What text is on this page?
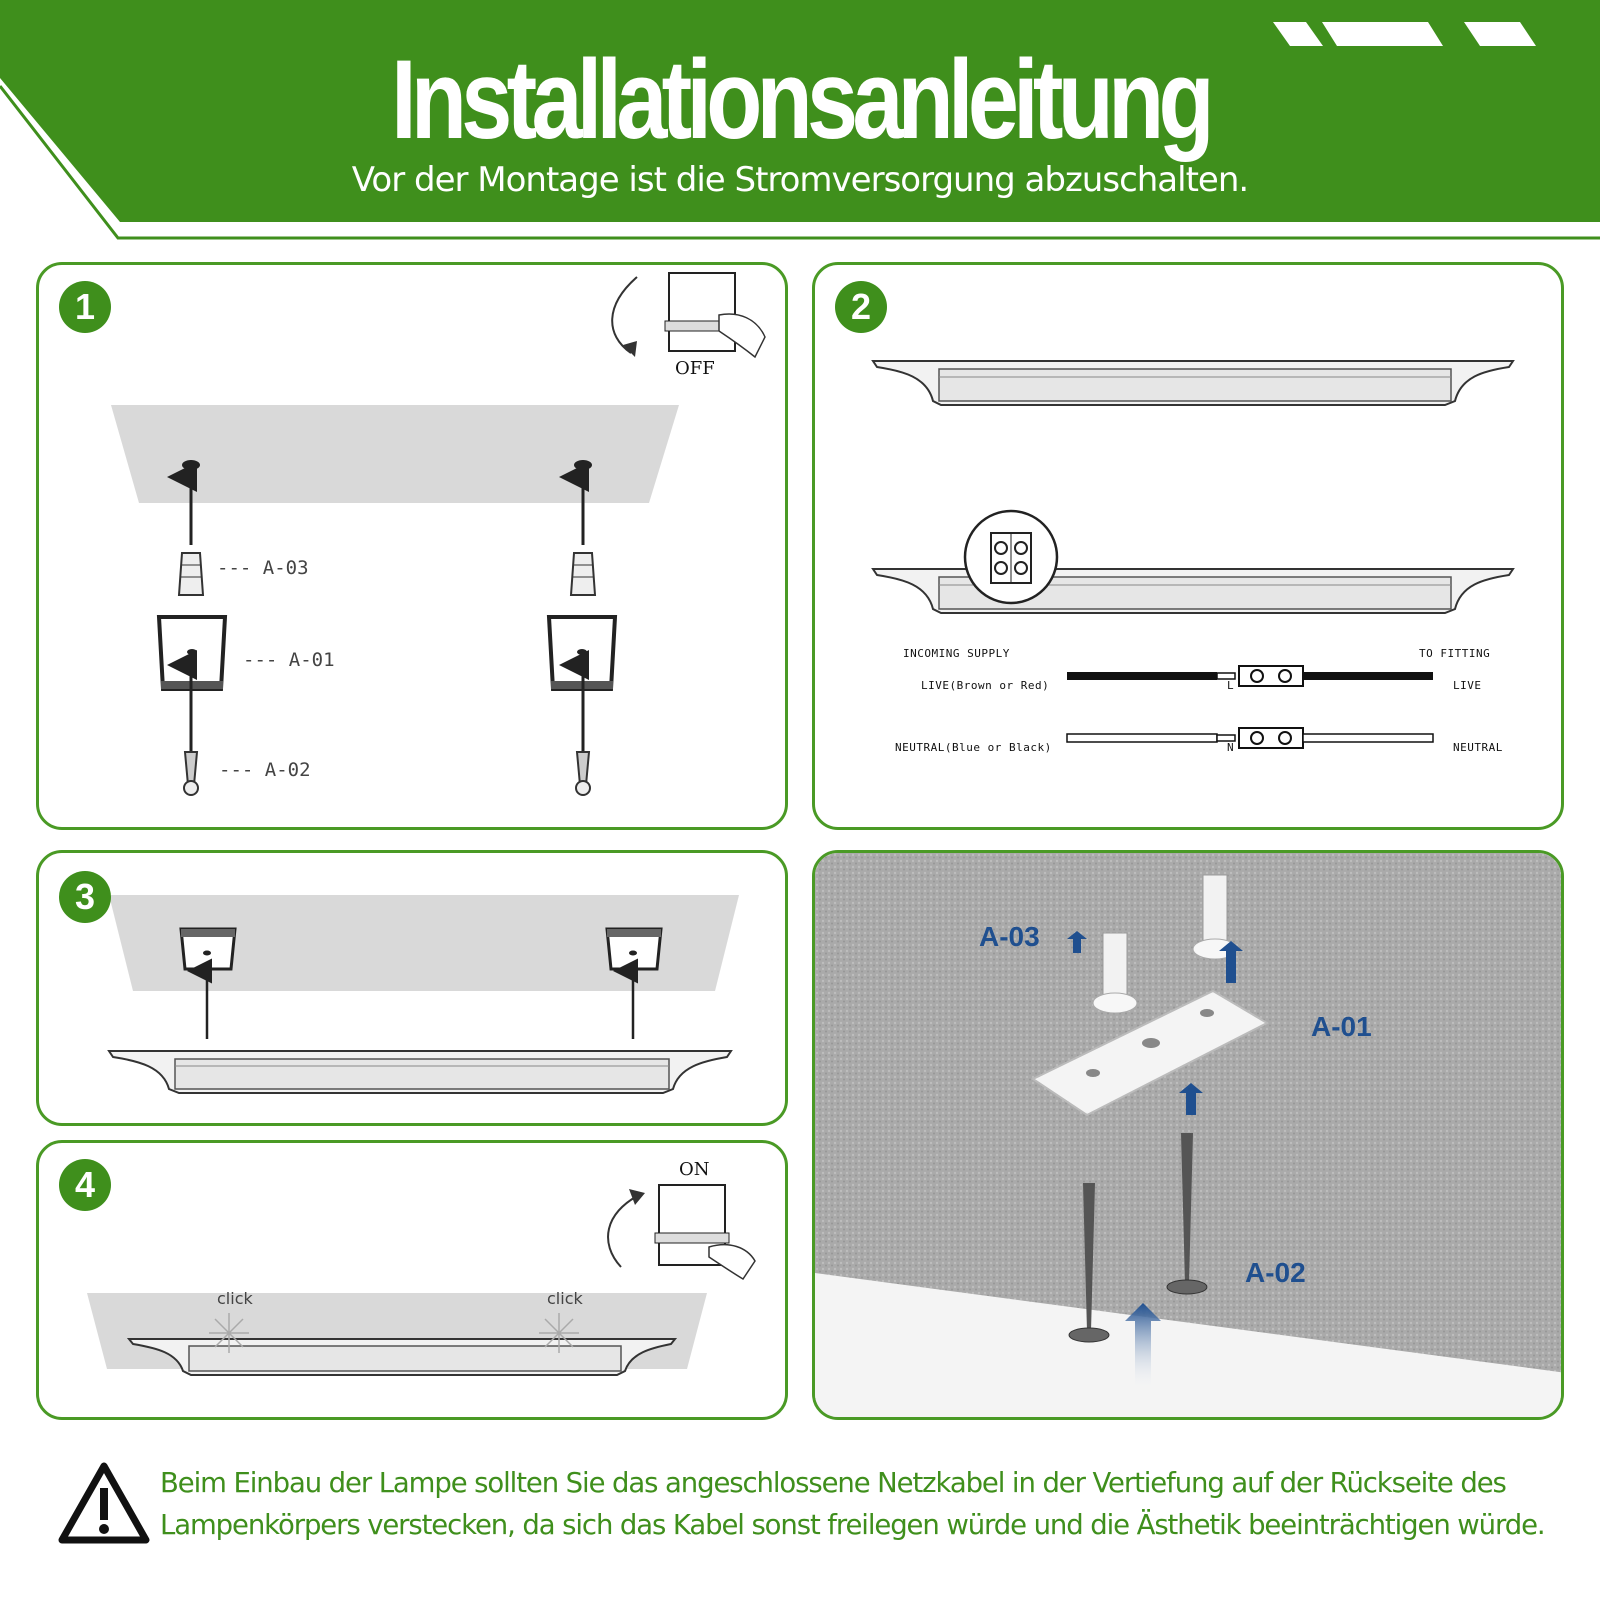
Installationsanleitung
Vor der Montage ist die Stromversorgung abzuschalten.
1
OFF
--- A-03
--- A-01
--- A-02
2
INCOMING SUPPLY	TO FITTING
LIVE(Brown or Red)	L	LIVE
NEUTRAL(Blue or Black)	N	NEUTRAL
3
4	ON
click	click
A-03
A-01
A-02
Beim Einbau der Lampe sollten Sie das angeschlossene Netzkabel in der Vertiefung auf der Rückseite des Lampenkörpers verstecken, da sich das Kabel sonst freilegen würde und die Ästhetik beeinträchtigen würde.
